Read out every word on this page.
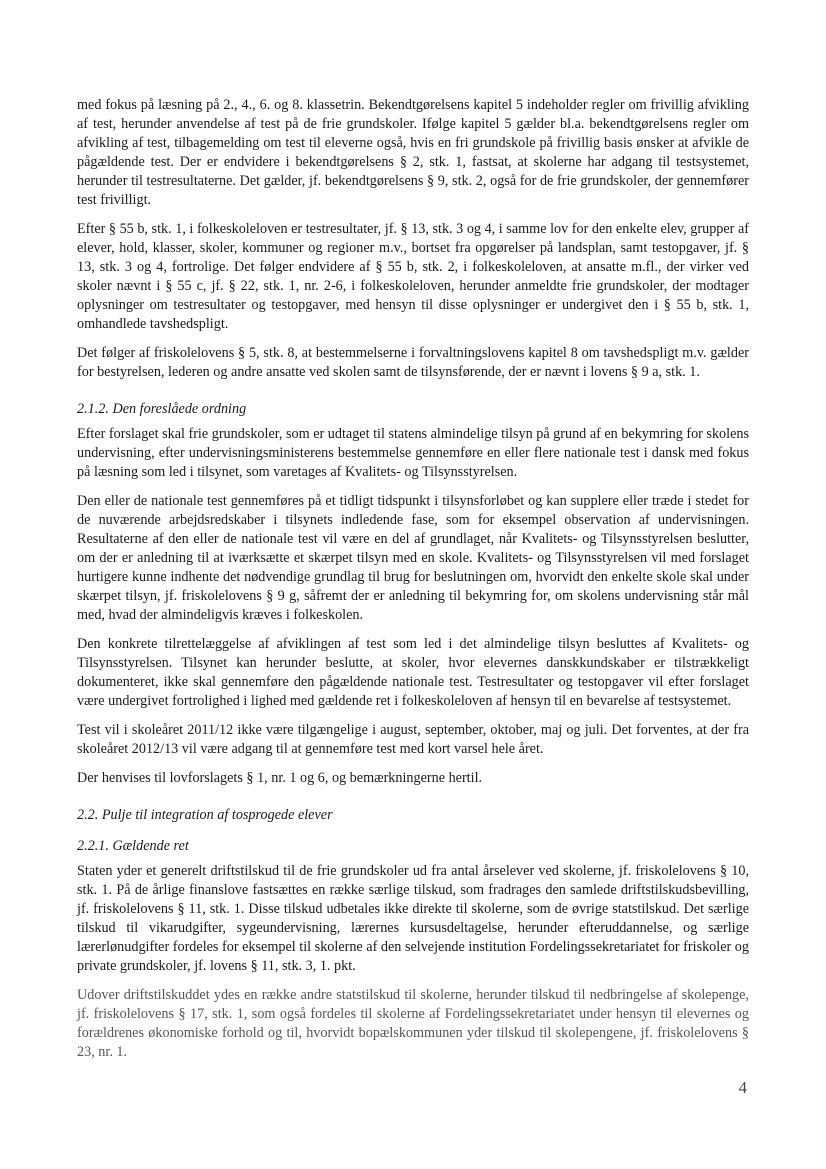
med fokus på læsning på 2., 4., 6. og 8. klassetrin. Bekendtgørelsens kapitel 5 indeholder regler om frivillig afvikling af test, herunder anvendelse af test på de frie grundskoler. Ifølge kapitel 5 gælder bl.a. bekendtgørelsens regler om afvikling af test, tilbagemelding om test til eleverne også, hvis en fri grundskole på frivillig basis ønsker at afvikle de pågældende test. Der er endvidere i bekendtgørelsens § 2, stk. 1, fastsat, at skolerne har adgang til testsystemet, herunder til testresultaterne. Det gælder, jf. bekendtgørelsens § 9, stk. 2, også for de frie grundskoler, der gennemfører test frivilligt.

Efter § 55 b, stk. 1, i folkeskoleloven er testresultater, jf. § 13, stk. 3 og 4, i samme lov for den enkelte elev, grupper af elever, hold, klasser, skoler, kommuner og regioner m.v., bortset fra opgørelser på landsplan, samt testopgaver, jf. § 13, stk. 3 og 4, fortrolige. Det følger endvidere af § 55 b, stk. 2, i folkeskoleloven, at ansatte m.fl., der virker ved skoler nævnt i § 55 c, jf. § 22, stk. 1, nr. 2-6, i folkeskoleloven, herunder anmeldte frie grundskoler, der modtager oplysninger om testresultater og testopgaver, med hensyn til disse oplysninger er undergivet den i § 55 b, stk. 1, omhandlede tavshedspligt.

Det følger af friskolelovens § 5, stk. 8, at bestemmelserne i forvaltningslovens kapitel 8 om tavshedspligt m.v. gælder for bestyrelsen, lederen og andre ansatte ved skolen samt de tilsynsførende, der er nævnt i lovens § 9 a, stk. 1.

2.1.2. Den foreslåede ordning

Efter forslaget skal frie grundskoler, som er udtaget til statens almindelige tilsyn på grund af en bekymring for skolens undervisning, efter undervisningsministerens bestemmelse gennemføre en eller flere nationale test i dansk med fokus på læsning som led i tilsynet, som varetages af Kvalitets- og Tilsynsstyrelsen.

Den eller de nationale test gennemføres på et tidligt tidspunkt i tilsynsforløbet og kan supplere eller træde i stedet for de nuværende arbejdsredskaber i tilsynets indledende fase, som for eksempel observation af undervisningen. Resultaterne af den eller de nationale test vil være en del af grundlaget, når Kvalitets- og Tilsynsstyrelsen beslutter, om der er anledning til at iværksætte et skærpet tilsyn med en skole. Kvalitets- og Tilsynsstyrelsen vil med forslaget hurtigere kunne indhente det nødvendige grundlag til brug for beslutningen om, hvorvidt den enkelte skole skal under skærpet tilsyn, jf. friskolelovens § 9 g, såfremt der er anledning til bekymring for, om skolens undervisning står mål med, hvad der almindeligvis kræves i folkeskolen.

Den konkrete tilrettelæggelse af afviklingen af test som led i det almindelige tilsyn besluttes af Kvalitets- og Tilsynsstyrelsen. Tilsynet kan herunder beslutte, at skoler, hvor elevernes danskkundskaber er tilstrækkeligt dokumenteret, ikke skal gennemføre den pågældende nationale test. Testresultater og testopgaver vil efter forslaget være undergivet fortrolighed i lighed med gældende ret i folkeskoleloven af hensyn til en bevarelse af testsystemet.

Test vil i skoleåret 2011/12 ikke være tilgængelige i august, september, oktober, maj og juli. Det forventes, at der fra skoleåret 2012/13 vil være adgang til at gennemføre test med kort varsel hele året.

Der henvises til lovforslagets § 1, nr. 1 og 6, og bemærkningerne hertil.

2.2. Pulje til integration af tosprogede elever
2.2.1. Gældende ret

Staten yder et generelt driftstilskud til de frie grundskoler ud fra antal årselever ved skolerne, jf. friskolelovens § 10, stk. 1. På de årlige finanslove fastsættes en række særlige tilskud, som fradrages den samlede driftstilskudsbevilling, jf. friskolelovens § 11, stk. 1. Disse tilskud udbetales ikke direkte til skolerne, som de øvrige statstilskud. Det særlige tilskud til vikarudgifter, sygeundervisning, lærernes kursusdeltagelse, herunder efteruddannelse, og særlige lærerlønudgifter fordeles for eksempel til skolerne af den selvejende institution Fordelingssekretariatet for friskoler og private grundskoler, jf. lovens § 11, stk. 3, 1. pkt.

Udover driftstilskuddet ydes en række andre statstilskud til skolerne, herunder tilskud til nedbringelse af skolepenge, jf. friskolelovens § 17, stk. 1, som også fordeles til skolerne af Fordelingssekretariatet under hensyn til elevernes og forældrenes økonomiske forhold og til, hvorvidt bopælskommunen yder tilskud til skolepengene, jf. friskolelovens § 23, nr. 1.

4
